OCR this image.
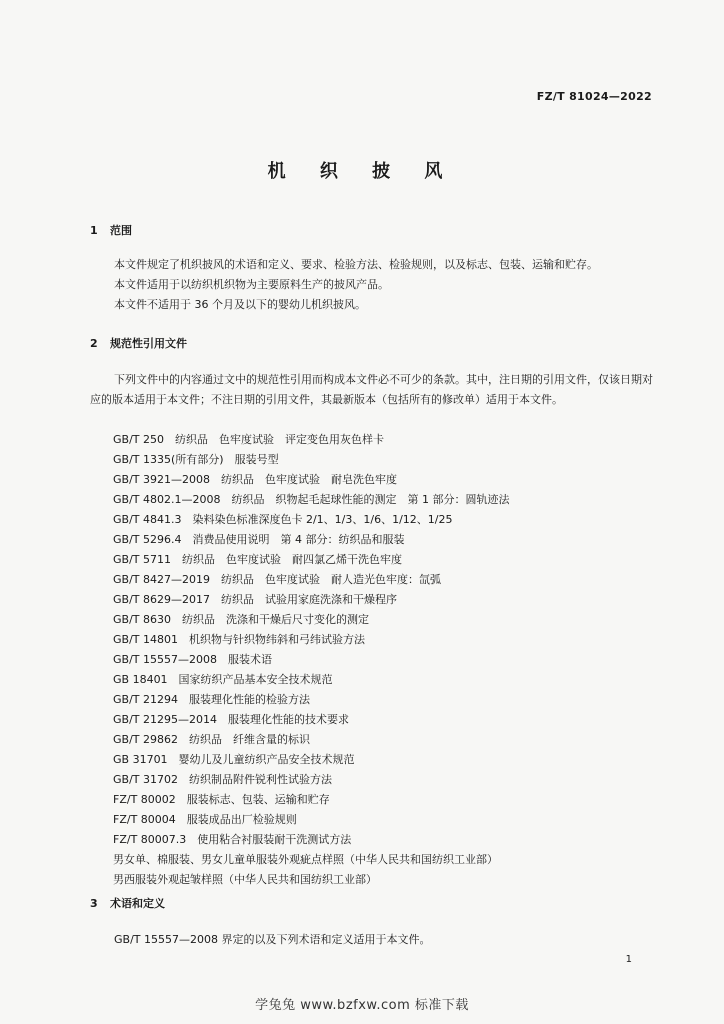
FZ/T 81024—2022
机 织 披 风
1 范围

本文件规定了机织披风的术语和定义、要求、检验方法、检验规则，以及标志、包装、运输和贮存。

本文件适用于以纺织机织物为主要原料生产的披风产品。

本文件不适用于 36 个月及以下的婴幼儿机织披风。

2 规范性引用文件

下列文件中的内容通过文中的规范性引用而构成本文件必不可少的条款。其中，注日期的引用文件，仅该日期对应的版本适用于本文件；不注日期的引用文件，其最新版本（包括所有的修改单）适用于本文件。

GB/T 250　纺织品　色牢度试验　评定变色用灰色样卡
GB/T 1335(所有部分)　服装号型
GB/T 3921—2008　纺织品　色牢度试验　耐皂洗色牢度
GB/T 4802.1—2008　纺织品　织物起毛起球性能的测定　第 1 部分：圆轨迹法
GB/T 4841.3　染料染色标准深度色卡 2/1、1/3、1/6、1/12、1/25
GB/T 5296.4　消费品使用说明　第 4 部分：纺织品和服装
GB/T 5711　纺织品　色牢度试验　耐四氯乙烯干洗色牢度
GB/T 8427—2019　纺织品　色牢度试验　耐人造光色牢度：氙弧
GB/T 8629—2017　纺织品　试验用家庭洗涤和干燥程序
GB/T 8630　纺织品　洗涤和干燥后尺寸变化的测定
GB/T 14801　机织物与针织物纬斜和弓纬试验方法
GB/T 15557—2008　服装术语
GB 18401　国家纺织产品基本安全技术规范
GB/T 21294　服装理化性能的检验方法
GB/T 21295—2014　服装理化性能的技术要求
GB/T 29862　纺织品　纤维含量的标识
GB 31701　婴幼儿及儿童纺织产品安全技术规范
GB/T 31702　纺织制品附件锐利性试验方法
FZ/T 80002　服装标志、包装、运输和贮存
FZ/T 80004　服装成品出厂检验规则
FZ/T 80007.3　使用粘合衬服装耐干洗测试方法
男女单、棉服装、男女儿童单服装外观疵点样照（中华人民共和国纺织工业部）
男西服装外观起皱样照（中华人民共和国纺织工业部）
3 术语和定义

GB/T 15557—2008 界定的以及下列术语和定义适用于本文件。

1
学兔兔 www.bzfxw.com 标准下载
